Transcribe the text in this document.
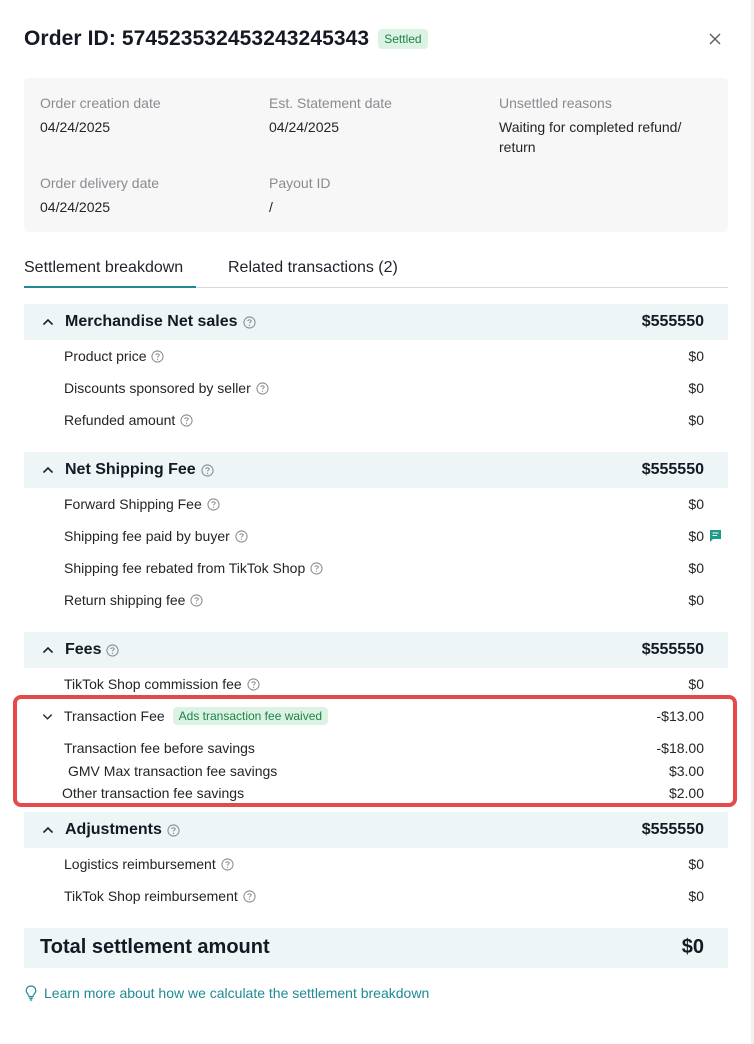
Order ID: 574523532453243245343	Settled
Order creation date
04/24/2025
Est. Statement date
04/24/2025
Unsettled reasons
Waiting for completed refund/ return
Order delivery date
04/24/2025
Payout ID
/
Settlement breakdown	Related transactions (2)
Merchandise Net sales	$555550
Product price	$0
Discounts sponsored by seller	$0
Refunded amount	$0
Net Shipping Fee	$555550
Forward Shipping Fee	$0
Shipping fee paid by buyer	$0
Shipping fee rebated from TikTok Shop	$0
Return shipping fee	$0
Fees	$555550
TikTok Shop commission fee	$0
Transaction Fee	Ads transaction fee waived	-$13.00
Transaction fee before savings	-$18.00
GMV Max transaction fee savings	$3.00
Other transaction fee savings	$2.00
Adjustments	$555550
Logistics reimbursement	$0
TikTok Shop reimbursement	$0
Total settlement amount	$0
Learn more about how we calculate the settlement breakdown
